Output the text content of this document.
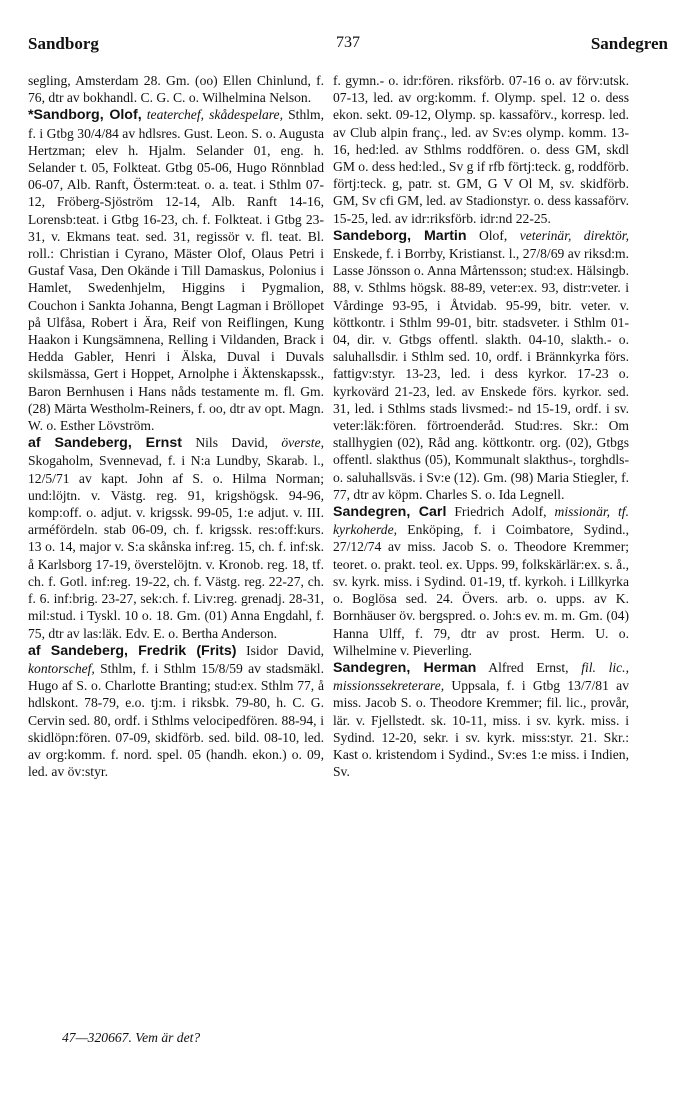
Sandborg	737	Sandegren

segling, Amsterdam 28. Gm. (oo) Ellen Chinlund, f. 76, dtr av bokhandl. C. G. C. o. Wilhelmina Nelson.

*Sandborg, Olof, teaterchef, skådespelare, Sthlm, f. i Gtbg 30/4/84 av hdlsres. Gust. Leon. S. o. Augusta Hertzman; elev h. Hjalm. Selander 01, eng. h. Selander t. 05, Folkteat. Gtbg 05-06, Hugo Rönnblad 06-07, Alb. Ranft, Österm:teat. o. a. teat. i Sthlm 07-12, Fröberg-Sjöström 12-14, Alb. Ranft 14-16, Lorensb:teat. i Gtbg 16-23, ch. f. Folkteat. i Gtbg 23-31, v. Ekmans teat. sed. 31, regissör v. fl. teat. Bl. roll.: Christian i Cyrano, Mäster Olof, Olaus Petri i Gustaf Vasa, Den Okände i Till Damaskus, Polonius i Hamlet, Swedenhjelm, Higgins i Pygmalion, Couchon i Sankta Johanna, Bengt Lagman i Bröllopet på Ulfåsa, Robert i Ära, Reif von Reiflingen, Kung Haakon i Kungsämnena, Relling i Vildanden, Brack i Hedda Gabler, Henri i Älska, Duval i Duvals skilsmässa, Gert i Hoppet, Arnolphe i Äktenskapssk., Baron Bernhusen i Hans nåds testamente m. fl. Gm. (28) Märta Westholm-Reiners, f. oo, dtr av opt. Magn. W. o. Esther Lövström.

af Sandeberg, Ernst Nils David, överste, Skogaholm, Svennevad, f. i N:a Lundby, Skarab. l., 12/5/71 av kapt. John af S. o. Hilma Norman; und:löjtn. v. Västg. reg. 91, krigshögsk. 94-96, komp:off. o. adjut. v. krigssk. 99-05, 1:e adjut. v. III. arméfördeln. stab 06-09, ch. f. krigssk. res:off:kurs. 13 o. 14, major v. S:a skånska inf:reg. 15, ch. f. inf:sk. å Karlsborg 17-19, överstelöjtn. v. Kronob. reg. 18, tf. ch. f. Gotl. inf:reg. 19-22, ch. f. Västg. reg. 22-27, ch. f. 6. inf:brig. 23-27, sek:ch. f. Liv:reg. grenadj. 28-31, mil:stud. i Tyskl. 10 o. 18. Gm. (01) Anna Engdahl, f. 75, dtr av las:läk. Edv. E. o. Bertha Anderson.

af Sandeberg, Fredrik (Frits) Isidor David, kontorschef, Sthlm, f. i Sthlm 15/8/59 av stadsmäkl. Hugo af S. o. Charlotte Branting; stud:ex. Sthlm 77, å hdlskont. 78-79, e.o. tj:m. i riksbk. 79-80, h. C. G. Cervin sed. 80, ordf. i Sthlms velocipedfören. 88-94, i skidlöpn:fören. 07-09, skidförb. sed. bild. 08-10, led. av org:komm. f. nord. spel. 05 (handh. ekon.) o. 09, led. av öv:styr.

f. gymn.- o. idr:fören. riksförb. 07-16 o. av förv:utsk. 07-13, led. av org:komm. f. Olymp. spel. 12 o. dess ekon. sekt. 09-12, Olymp. sp. kassaförv., korresp. led. av Club alpin franç., led. av Sv:es olymp. komm. 13-16, hed:led. av Sthlms roddfören. o. dess GM, skdl GM o. dess hed:led., Sv g if rfb förtj:teck. g, roddförb. förtj:teck. g, patr. st. GM, G V Ol M, sv. skidförb. GM, Sv cfi GM, led. av Stadionstyr. o. dess kassaförv. 15-25, led. av idr:riksförb. idr:nd 22-25.

Sandeborg, Martin Olof, veterinär, direktör, Enskede, f. i Borrby, Kristianst. l., 27/8/69 av riksd:m. Lasse Jönsson o. Anna Mårtensson; stud:ex. Hälsingb. 88, v. Sthlms högsk. 88-89, veter:ex. 93, distr:veter. i Vårdinge 93-95, i Åtvidab. 95-99, bitr. veter. v. köttkontr. i Sthlm 99-01, bitr. stadsveter. i Sthlm 01-04, dir. v. Gtbgs offentl. slakth. 04-10, slakth.- o. saluhallsdir. i Sthlm sed. 10, ordf. i Brännkyrka förs. fattigv:styr. 13-23, led. i dess kyrkor. 17-23 o. kyrkovärd 21-23, led. av Enskede förs. kyrkor. sed. 31, led. i Sthlms stads livsmed:- nd 15-19, ordf. i sv. veter:läk:fören. förtroenderåd. Stud:res. Skr.: Om stallhygien (02), Råd ang. köttkontr. org. (02), Gtbgs offentl. slakthus (05), Kommunalt slakthus-, torghdls- o. saluhallsväs. i Sv:e (12). Gm. (98) Maria Stiegler, f. 77, dtr av köpm. Charles S. o. Ida Legnell.

Sandegren, Carl Friedrich Adolf, missionär, tf. kyrkoherde, Enköping, f. i Coimbatore, Sydind., 27/12/74 av miss. Jacob S. o. Theodore Kremmer; teoret. o. prakt. teol. ex. Upps. 99, folkskärlär:ex. s. å., sv. kyrk. miss. i Sydind. 01-19, tf. kyrkoh. i Lillkyrka o. Boglösa sed. 24. Övers. arb. o. upps. av K. Bornhäuser öv. bergspred. o. Joh:s ev. m. m. Gm. (04) Hanna Ulff, f. 79, dtr av prost. Herm. U. o. Wilhelmine v. Pieverling.

Sandegren, Herman Alfred Ernst, fil. lic., missionssekreterare, Uppsala, f. i Gtbg 13/7/81 av miss. Jacob S. o. Theodore Kremmer; fil. lic., provår, lär. v. Fjellstedt. sk. 10-11, miss. i sv. kyrk. miss. i Sydind. 12-20, sekr. i sv. kyrk. miss:styr. 21. Skr.: Kast o. kristendom i Sydind., Sv:es 1:e miss. i Indien, Sv.

47—320667. Vem är det?
